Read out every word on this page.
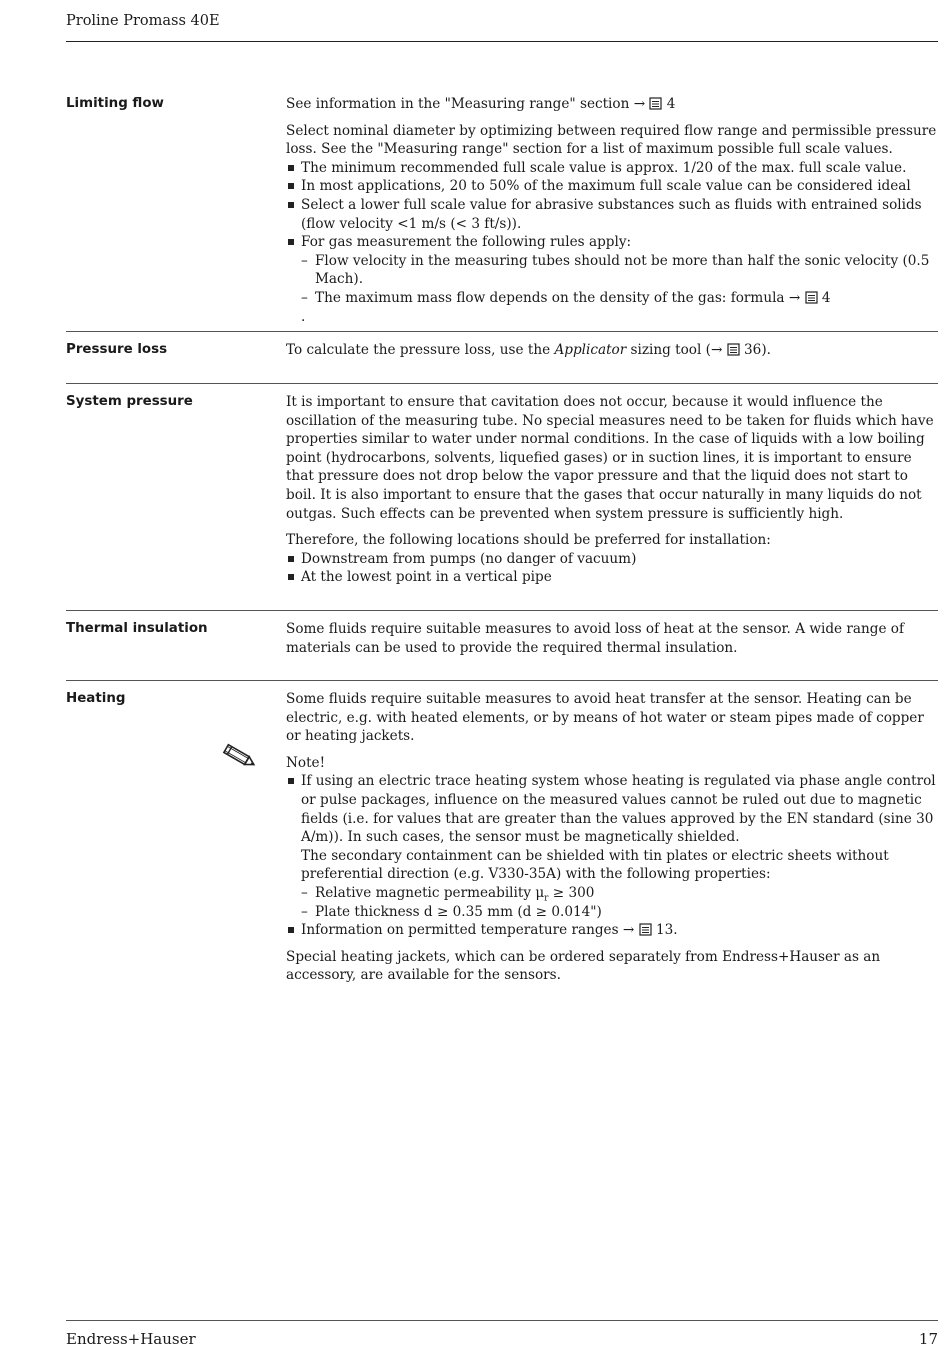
Proline Promass 40E
Limiting flow	See information in the "Measuring range" section → 4

Select nominal diameter by optimizing between required flow range and permissible pressure loss. See the "Measuring range" section for a list of maximum possible full scale values.

The minimum recommended full scale value is approx. 1/20 of the max. full scale value.
In most applications, 20 to 50% of the maximum full scale value can be considered ideal
Select a lower full scale value for abrasive substances such as fluids with entrained solids (flow velocity <1 m/s (< 3 ft/s)).
For gas measurement the following rules apply:
– Flow velocity in the measuring tubes should not be more than half the sonic velocity (0.5 Mach).
– The maximum mass flow depends on the density of the gas: formula → 4

.

Pressure loss	To calculate the pressure loss, use the Applicator sizing tool (→  36).

System pressure	It is important to ensure that cavitation does not occur, because it would influence the oscillation of the measuring tube. No special measures need to be taken for fluids which have properties similar to water under normal conditions. In the case of liquids with a low boiling point (hydrocarbons, solvents, liquefied gases) or in suction lines, it is important to ensure that pressure does not drop below the vapor pressure and that the liquid does not start to boil. It is also important to ensure that the gases that occur naturally in many liquids do not outgas. Such effects can be prevented when system pressure is sufficiently high.

Therefore, the following locations should be preferred for installation:

Downstream from pumps (no danger of vacuum)
At the lowest point in a vertical pipe
Thermal insulation	Some fluids require suitable measures to avoid loss of heat at the sensor. A wide range of materials can be used to provide the required thermal insulation.

Heating	Some fluids require suitable measures to avoid heat transfer at the sensor. Heating can be electric, e.g. with heated elements, or by means of hot water or steam pipes made of copper or heating jackets.

Note!

If using an electric trace heating system whose heating is regulated via phase angle control or pulse packages, influence on the measured values cannot be ruled out due to magnetic fields (i.e. for values that are greater than the values approved by the EN standard (sine 30 A/m)). In such cases, the sensor must be magnetically shielded.
The secondary containment can be shielded with tin plates or electric sheets without preferential direction (e.g. V330-35A) with the following properties:
– Relative magnetic permeability $\mu_r \ge 300$
– Plate thickness d ≥ 0.35 mm (d ≥ 0.014")
Information on permitted temperature ranges → 13.

Special heating jackets, which can be ordered separately from Endress+Hauser as an accessory, are available for the sensors.

Endress+Hauser	17
